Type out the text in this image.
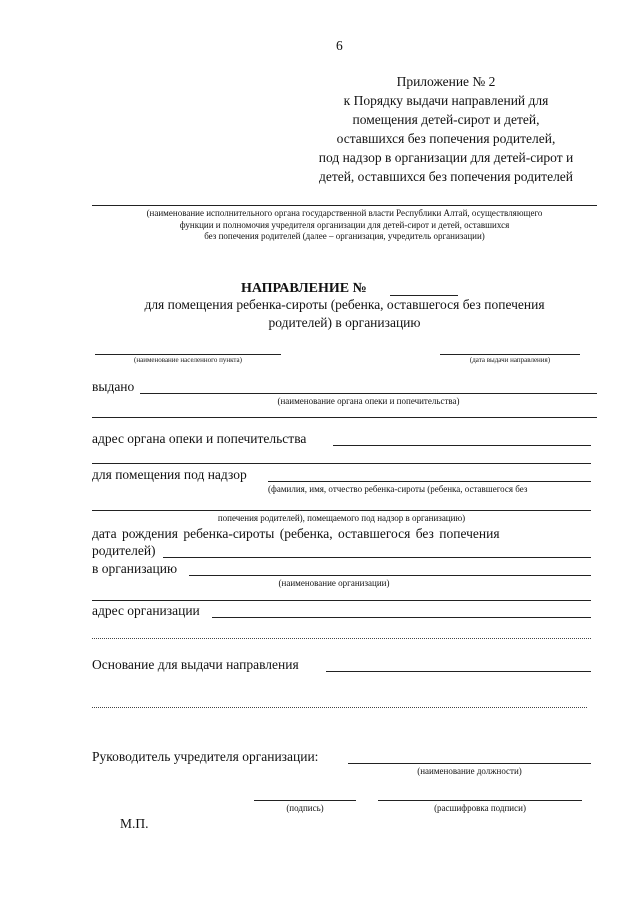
6
Приложение № 2
к Порядку выдачи направлений для
помещения детей-сирот и детей,
оставшихся без попечения родителей,
под надзор в организации для детей-сирот и
детей, оставшихся без попечения родителей
(наименование исполнительного органа государственной власти Республики Алтай, осуществляющего
функции и полномочия учредителя организации для детей-сирот и детей, оставшихся
без попечения родителей (далее – организация, учредитель организации)
НАПРАВЛЕНИЕ №
для помещения ребенка-сироты (ребенка, оставшегося без попечения
родителей) в организацию
(наименование населенного пункта)	(дата выдачи направления)
выдано
(наименование органа опеки и попечительства)
адрес органа опеки и попечительства
для помещения под надзор
(фамилия, имя, отчество ребенка-сироты (ребенка, оставшегося без
попечения родителей), помещаемого под надзор в организацию)
дата рождения ребенка-сироты (ребенка, оставшегося без попечения
родителей)
в организацию
(наименование организации)
адрес организации
Основание для выдачи направления
Руководитель учредителя организации:
(наименование должности)
(подпись)	(расшифровка подписи)
М.П.
